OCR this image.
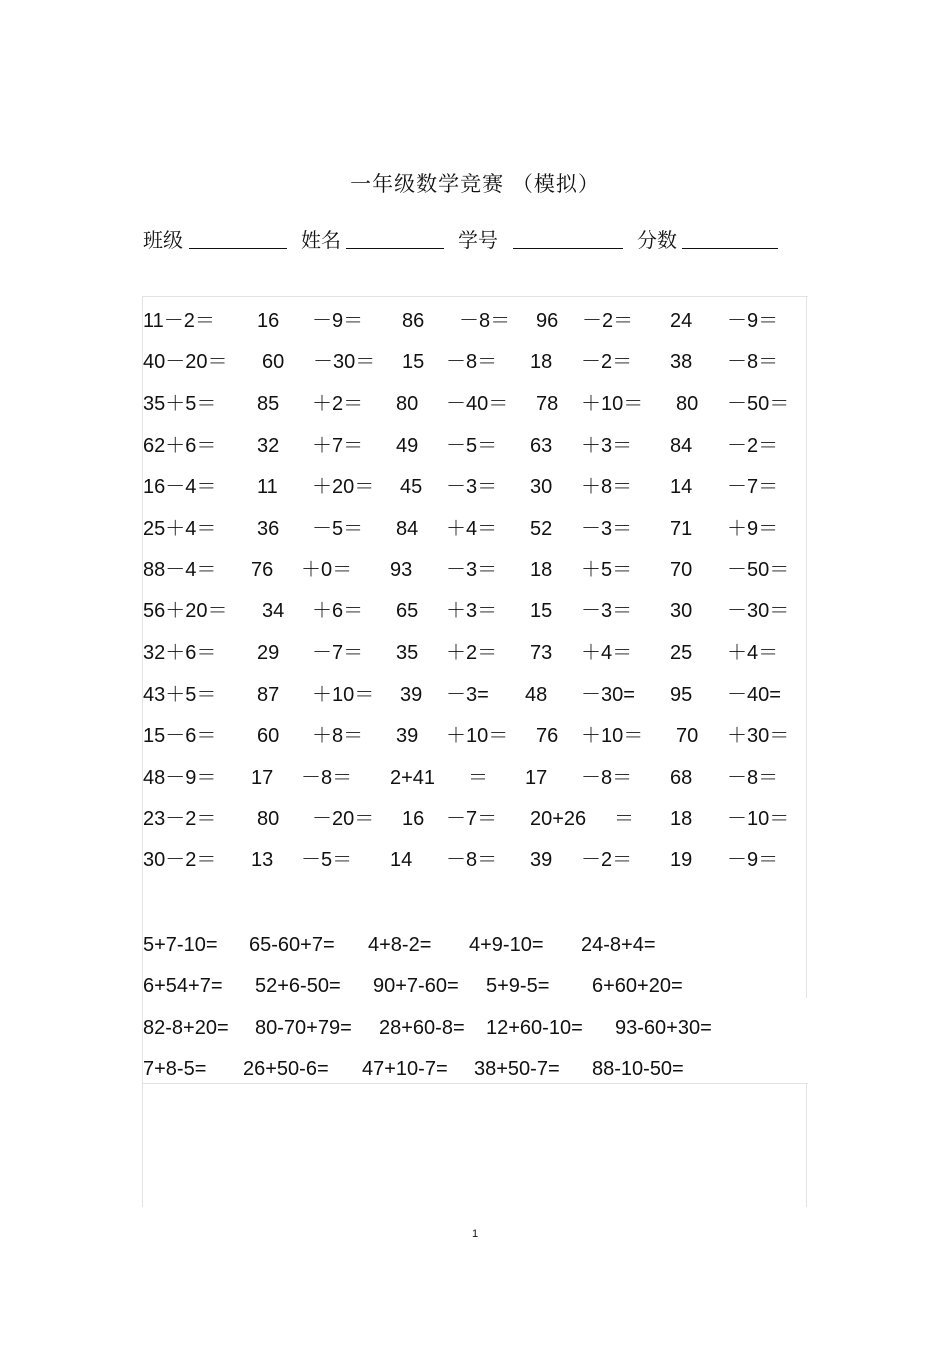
一年级数学竞赛 （模拟）
班级	姓名	学号	分数
11－2＝ 16 －9＝ 86 －8＝ 96 －2＝ 24 －9＝
40－20＝ 60 －30＝ 15 －8＝ 18 －2＝ 38 －8＝
35＋5＝ 85 ＋2＝ 80 －40＝ 78 ＋10＝ 80 －50＝
62＋6＝ 32 ＋7＝ 49 －5＝ 63 ＋3＝ 84 －2＝
16－4＝ 11 ＋20＝ 45 －3＝ 30 ＋8＝ 14 －7＝
25＋4＝ 36 －5＝ 84 ＋4＝ 52 －3＝ 71 ＋9＝
88－4＝ 76 ＋0＝ 93 －3＝ 18 ＋5＝ 70 －50＝
56＋20＝ 34 ＋6＝ 65 ＋3＝ 15 －3＝ 30 －30＝
32＋6＝ 29 －7＝ 35 ＋2＝ 73 ＋4＝ 25 ＋4＝
43＋5＝ 87 ＋10＝ 39 －3= 48 －30= 95 －40=
15－6＝ 60 ＋8＝ 39 ＋10＝ 76 ＋10＝ 70 ＋30＝
48－9＝ 17 －8＝ 2+41 ＝ 17 －8＝ 68 －8＝
23－2＝ 80 －20＝ 16 －7＝ 20+26 ＝ 18 －10＝
30－2＝ 13 －5＝ 14 －8＝ 39 －2＝ 19 －9＝
5+7-10= 65-60+7= 4+8-2= 4+9-10= 24-8+4=
6+54+7= 52+6-50= 90+7-60= 5+9-5= 6+60+20=
82-8+20= 80-70+79= 28+60-8= 12+60-10= 93-60+30=
7+8-5= 26+50-6= 47+10-7= 38+50-7= 88-10-50=
1
